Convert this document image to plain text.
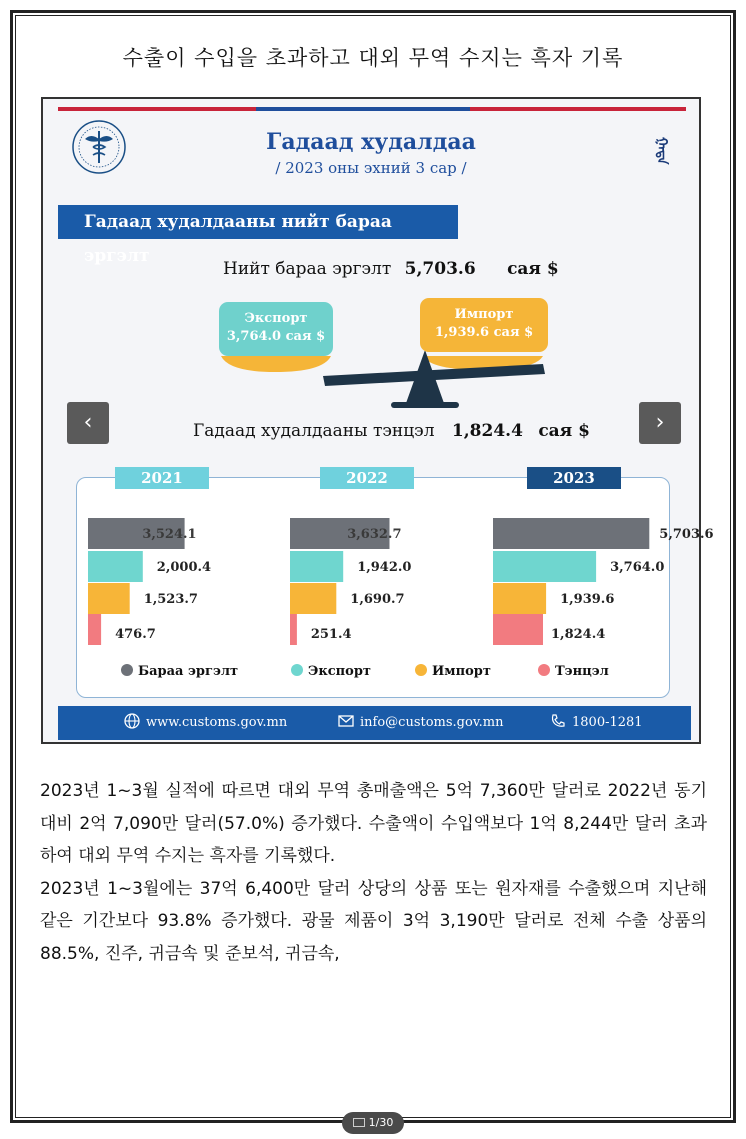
수출이 수입을 초과하고 대외 무역 수지는 흑자 기록
ᠭᠠᠳᠠ
Гадаад худалдаа
/ 2023 оны эхний 3 сар /
Гадаад худалдааны нийт бараа эргэлт
Нийт бараа эргэлт 5,703.6 сая $
Экспорт
3,764.0 сая $
Импорт
1,939.6 сая $
‹	›
Гадаад худалдааны тэнцэл 1,824.4 сая $
3,524.1
2,000.4
1,523.7
476.7
3,632.7
1,942.0
1,690.7
251.4
5,703.6
3,764.0
1,939.6
1,824.4
www.customs.gov.mn	info@customs.gov.mn	1800-1281
2021	2022	2023
Бараа эргэлт	Экспорт	Импорт	Тэнцэл

2023년 1~3월 실적에 따르면 대외 무역 총매출액은 5억 7,360만 달러로 2022년 동기 대비 2억 7,090만 달러(57.0%) 증가했다. 수출액이 수입액보다 1억 8,244만 달러 초과하여 대외 무역 수지는 흑자를 기록했다.

2023년 1~3월에는 37억 6,400만 달러 상당의 상품 또는 원자재를 수출했으며 지난해 같은 기간보다 93.8% 증가했다. 광물 제품이 3억 3,190만 달러로 전체 수출 상품의 88.5%, 진주, 귀금속 및 준보석, 귀금속,

1/30
